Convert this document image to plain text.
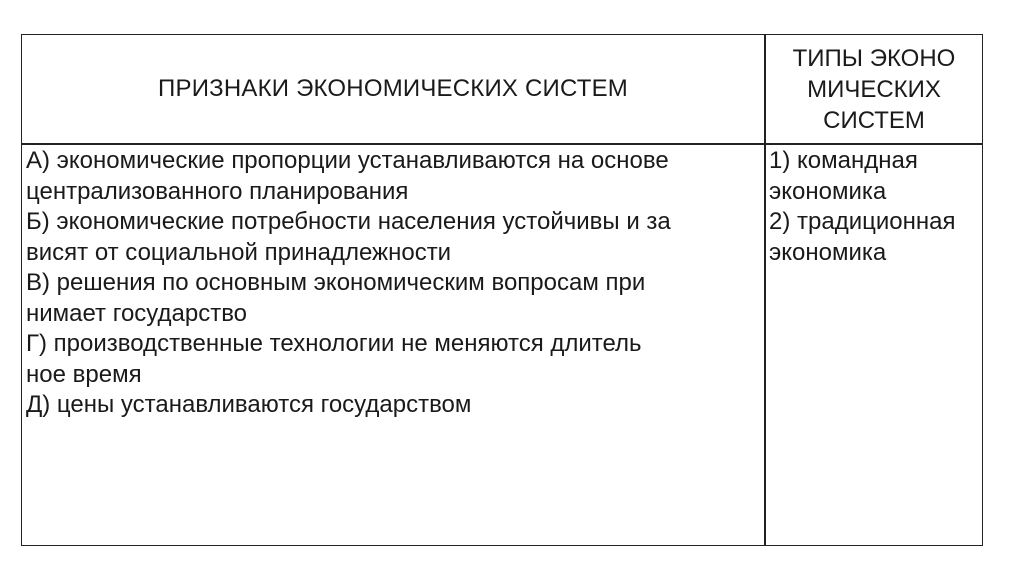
ПРИЗНАКИ ЭКОНОМИЧЕСКИХ СИСТЕМ
ТИПЫ ЭКОНО
МИЧЕСКИХ
СИСТЕМ
А) экономические пропорции устанавливаются на основе
централизованного планирования
Б) экономические потребности населения устойчивы и за
висят от социальной принадлежности
В) решения по основным экономическим вопросам при
нимает государство
Г) производственные технологии не меняются длитель
ное время
Д) цены устанавливаются государством
1) командная
экономика
2) традиционная
экономика
